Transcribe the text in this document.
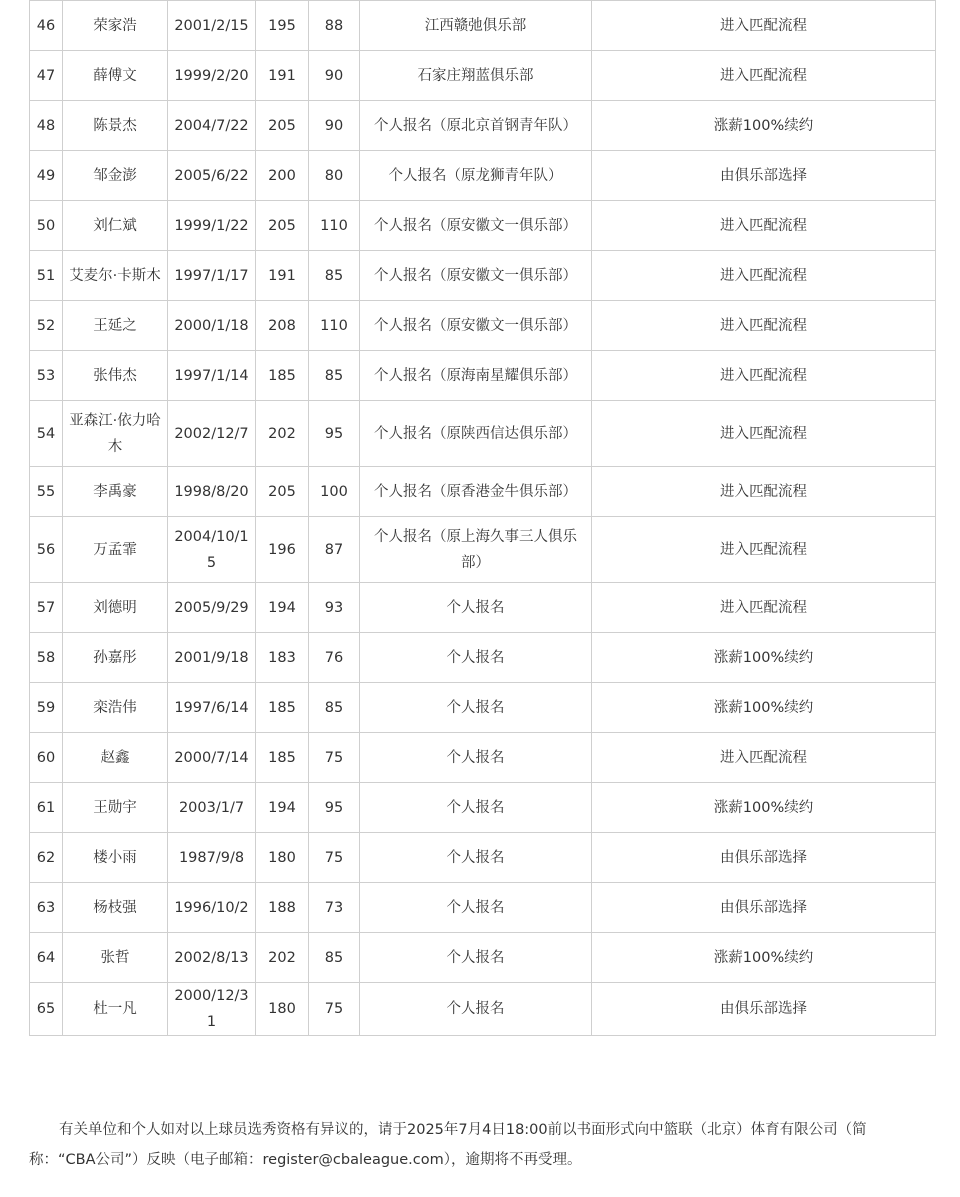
46	荣家浩	2001/2/15	195	88	江西赣弛俱乐部	进入匹配流程
47	薛傅文	1999/2/20	191	90	石家庄翔蓝俱乐部	进入匹配流程
48	陈景杰	2004/7/22	205	90	个人报名（原北京首钢青年队）	涨薪100%续约
49	邹金澎	2005/6/22	200	80	个人报名（原龙狮青年队）	由俱乐部选择
50	刘仁斌	1999/1/22	205	110	个人报名（原安徽文一俱乐部）	进入匹配流程
51	艾麦尔·卡斯木	1997/1/17	191	85	个人报名（原安徽文一俱乐部）	进入匹配流程
52	王延之	2000/1/18	208	110	个人报名（原安徽文一俱乐部）	进入匹配流程
53	张伟杰	1997/1/14	185	85	个人报名（原海南星耀俱乐部）	进入匹配流程
54	亚森江·依力哈木	2002/12/7	202	95	个人报名（原陕西信达俱乐部）	进入匹配流程
55	李禹豪	1998/8/20	205	100	个人报名（原香港金牛俱乐部）	进入匹配流程
56	万孟霏	2004/10/15	196	87	个人报名（原上海久事三人俱乐部）	进入匹配流程
57	刘德明	2005/9/29	194	93	个人报名	进入匹配流程
58	孙嘉彤	2001/9/18	183	76	个人报名	涨薪100%续约
59	栾浩伟	1997/6/14	185	85	个人报名	涨薪100%续约
60	赵鑫	2000/7/14	185	75	个人报名	进入匹配流程
61	王勋宇	2003/1/7	194	95	个人报名	涨薪100%续约
62	楼小雨	1987/9/8	180	75	个人报名	由俱乐部选择
63	杨枝强	1996/10/2	188	73	个人报名	由俱乐部选择
64	张哲	2002/8/13	202	85	个人报名	涨薪100%续约
65	杜一凡	2000/12/31	180	75	个人报名	由俱乐部选择

有关单位和个人如对以上球员选秀资格有异议的，请于2025年7月4日18:00前以书面形式向中篮联（北京）体育有限公司（简称：“CBA公司”）反映（电子邮箱：register@cbaleague.com），逾期将不再受理。
